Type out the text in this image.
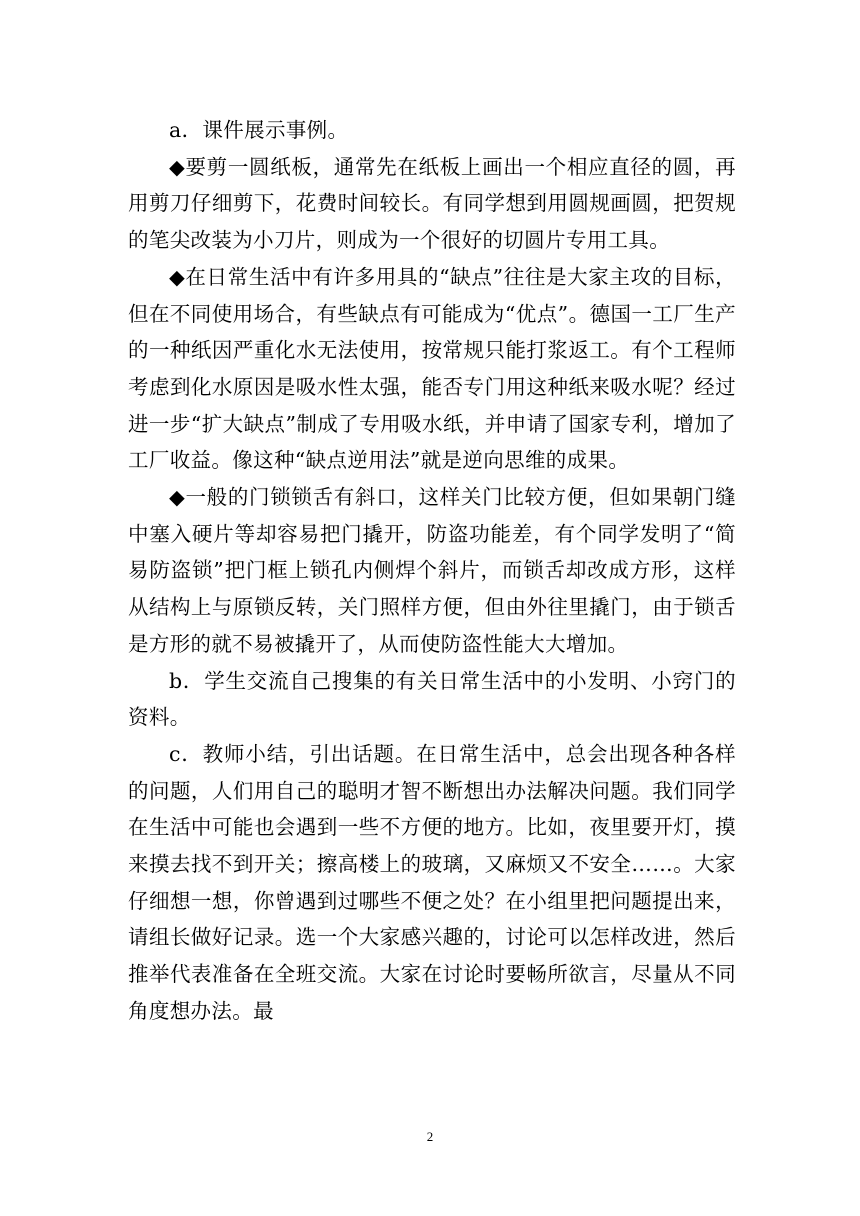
a．课件展示事例。

◆要剪一圆纸板，通常先在纸板上画出一个相应直径的圆，再用剪刀仔细剪下，花费时间较长。有同学想到用圆规画圆，把贺规的笔尖改装为小刀片，则成为一个很好的切圆片专用工具。

◆在日常生活中有许多用具的“缺点”往往是大家主攻的目标，但在不同使用场合，有些缺点有可能成为“优点”。德国一工厂生产的一种纸因严重化水无法使用，按常规只能打浆返工。有个工程师考虑到化水原因是吸水性太强，能否专门用这种纸来吸水呢？经过进一步“扩大缺点”制成了专用吸水纸，并申请了国家专利，增加了工厂收益。像这种“缺点逆用法”就是逆向思维的成果。

◆一般的门锁锁舌有斜口，这样关门比较方便，但如果朝门缝中塞入硬片等却容易把门撬开，防盗功能差，有个同学发明了“简易防盗锁”把门框上锁孔内侧焊个斜片，而锁舌却改成方形，这样从结构上与原锁反转，关门照样方便，但由外往里撬门，由于锁舌是方形的就不易被撬开了，从而使防盗性能大大增加。

b．学生交流自己搜集的有关日常生活中的小发明、小窍门的资料。

c．教师小结，引出话题。在日常生活中，总会出现各种各样的问题，人们用自己的聪明才智不断想出办法解决问题。我们同学在生活中可能也会遇到一些不方便的地方。比如，夜里要开灯，摸来摸去找不到开关；擦高楼上的玻璃，又麻烦又不安全……。大家仔细想一想，你曾遇到过哪些不便之处？在小组里把问题提出来，请组长做好记录。选一个大家感兴趣的，讨论可以怎样改进，然后推举代表准备在全班交流。大家在讨论时要畅所欲言，尽量从不同角度想办法。最

2
